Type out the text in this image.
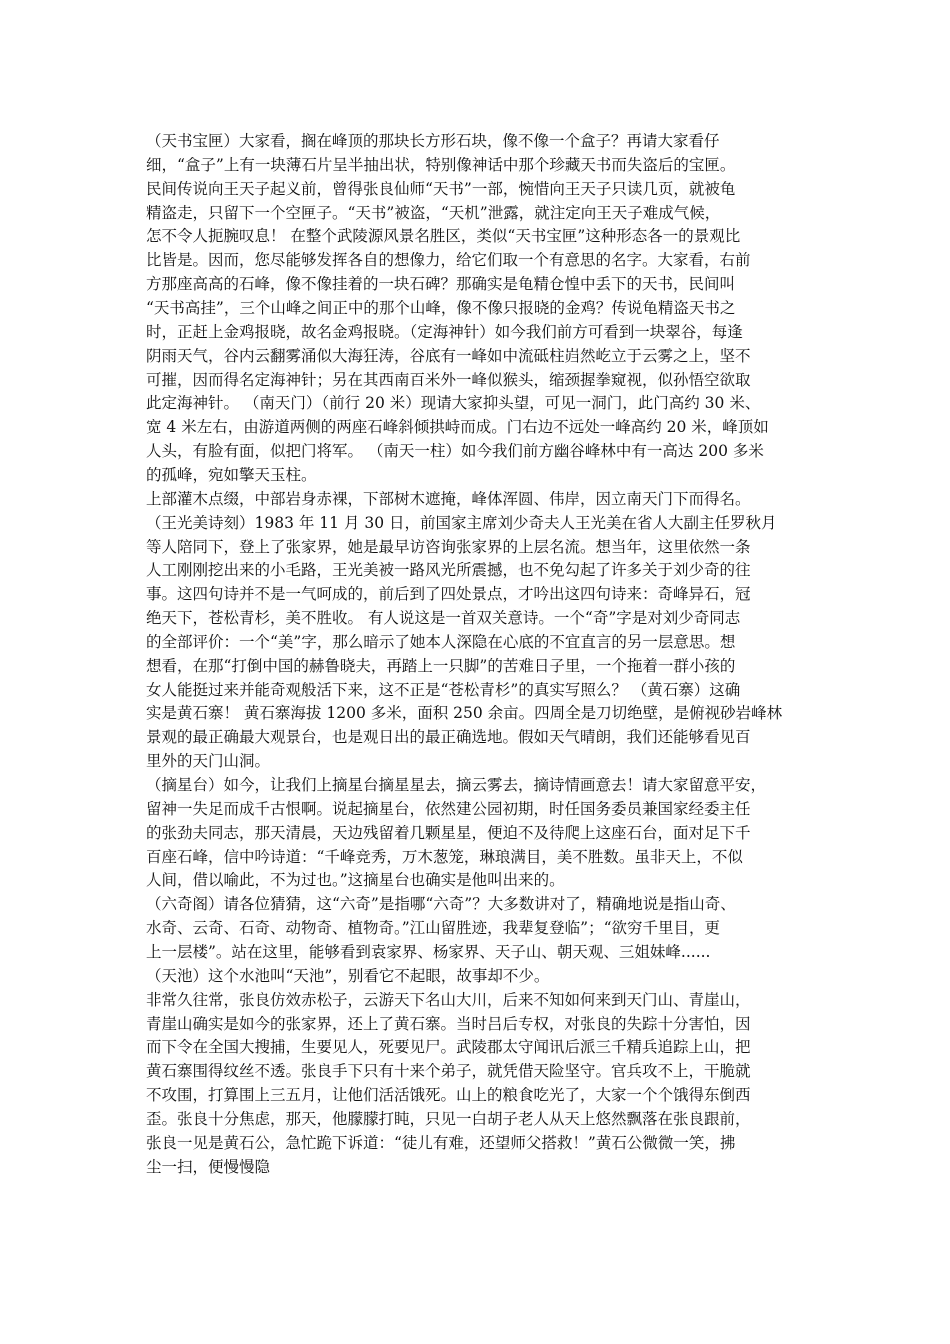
（天书宝匣）大家看，搁在峰顶的那块长方形石块，像不像一个盒子？再请大家看仔
细，“盒子”上有一块薄石片呈半抽出状，特别像神话中那个珍藏天书而失盗后的宝匣。
民间传说向王天子起义前，曾得张良仙师“天书”一部，惋惜向王天子只读几页，就被龟
精盗走，只留下一个空匣子。“天书”被盗，“天机”泄露，就注定向王天子难成气候，
怎不令人扼腕叹息！ 在整个武陵源风景名胜区，类似“天书宝匣”这种形态各一的景观比
比皆是。因而，您尽能够发挥各自的想像力，给它们取一个有意思的名字。大家看，右前
方那座高高的石峰，像不像挂着的一块石碑？那确实是龟精仓惶中丢下的天书，民间叫
“天书高挂”，三个山峰之间正中的那个山峰，像不像只报晓的金鸡？传说龟精盗天书之
时，正赶上金鸡报晓，故名金鸡报晓。（定海神针）如今我们前方可看到一块翠谷，每逢
阴雨天气，谷内云翻雾涌似大海狂涛，谷底有一峰如中流砥柱岿然屹立于云雾之上，坚不
可摧，因而得名定海神针；另在其西南百米外一峰似猴头，缩颈握拳窥视，似孙悟空欲取
此定海神针。 （南天门）（前行 20 米）现请大家抑头望，可见一洞门，此门高约 30 米、
宽 4 米左右，由游道两侧的两座石峰斜倾拱峙而成。门右边不远处一峰高约 20 米，峰顶如
人头，有脸有面，似把门将军。 （南天一柱）如今我们前方幽谷峰林中有一高达 200 多米
的孤峰，宛如擎天玉柱。
上部灌木点缀，中部岩身赤裸，下部树木遮掩，峰体浑圆、伟岸，因立南天门下而得名。
（王光美诗刻）1983 年 11 月 30 日，前国家主席刘少奇夫人王光美在省人大副主任罗秋月
等人陪同下，登上了张家界，她是最早访咨询张家界的上层名流。想当年，这里依然一条
人工刚刚挖出来的小毛路，王光美被一路风光所震撼，也不免勾起了许多关于刘少奇的往
事。这四句诗并不是一气呵成的，前后到了四处景点，才吟出这四句诗来：奇峰异石，冠
绝天下，苍松青杉，美不胜收。 有人说这是一首双关意诗。一个“奇”字是对刘少奇同志
的全部评价：一个“美”字，那么暗示了她本人深隐在心底的不宜直言的另一层意思。想
想看，在那“打倒中国的赫鲁晓夫，再踏上一只脚”的苦难日子里，一个拖着一群小孩的
女人能挺过来并能奇观般活下来，这不正是“苍松青杉”的真实写照么？ （黄石寨）这确
实是黄石寨！ 黄石寨海拔 1200 多米，面积 250 余亩。四周全是刀切绝壁，是俯视砂岩峰林
景观的最正确最大观景台，也是观日出的最正确选地。假如天气晴朗，我们还能够看见百
里外的天门山洞。
（摘星台）如今，让我们上摘星台摘星星去，摘云雾去，摘诗情画意去！请大家留意平安，
留神一失足而成千古恨啊。说起摘星台，依然建公园初期，时任国务委员兼国家经委主任
的张劲夫同志，那天清晨，天边残留着几颗星星，便迫不及待爬上这座石台，面对足下千
百座石峰，信中吟诗道：“千峰竞秀，万木葱笼，琳琅满目，美不胜数。虽非天上，不似
人间，借以喻此，不为过也。”这摘星台也确实是他叫出来的。
（六奇阁）请各位猜猜，这“六奇”是指哪“六奇”？大多数讲对了，精确地说是指山奇、
水奇、云奇、石奇、动物奇、植物奇。”江山留胜迹，我辈复登临”；“欲穷千里目，更
上一层楼”。站在这里，能够看到袁家界、杨家界、天子山、朝天观、三姐妹峰......
（天池）这个水池叫“天池”，别看它不起眼，故事却不少。
非常久往常，张良仿效赤松子，云游天下名山大川，后来不知如何来到天门山、青崖山，
青崖山确实是如今的张家界，还上了黄石寨。当时吕后专权，对张良的失踪十分害怕，因
而下令在全国大搜捕，生要见人，死要见尸。武陵郡太守闻讯后派三千精兵追踪上山，把
黄石寨围得纹丝不透。张良手下只有十来个弟子，就凭借天险坚守。官兵攻不上，干脆就
不攻围，打算围上三五月，让他们活活饿死。山上的粮食吃光了，大家一个个饿得东倒西
歪。张良十分焦虑，那天，他朦朦打盹，只见一白胡子老人从天上悠然飘落在张良跟前，
张良一见是黄石公，急忙跪下诉道：“徒儿有难，还望师父搭救！”黄石公微微一笑，拂
尘一扫，便慢慢隐
